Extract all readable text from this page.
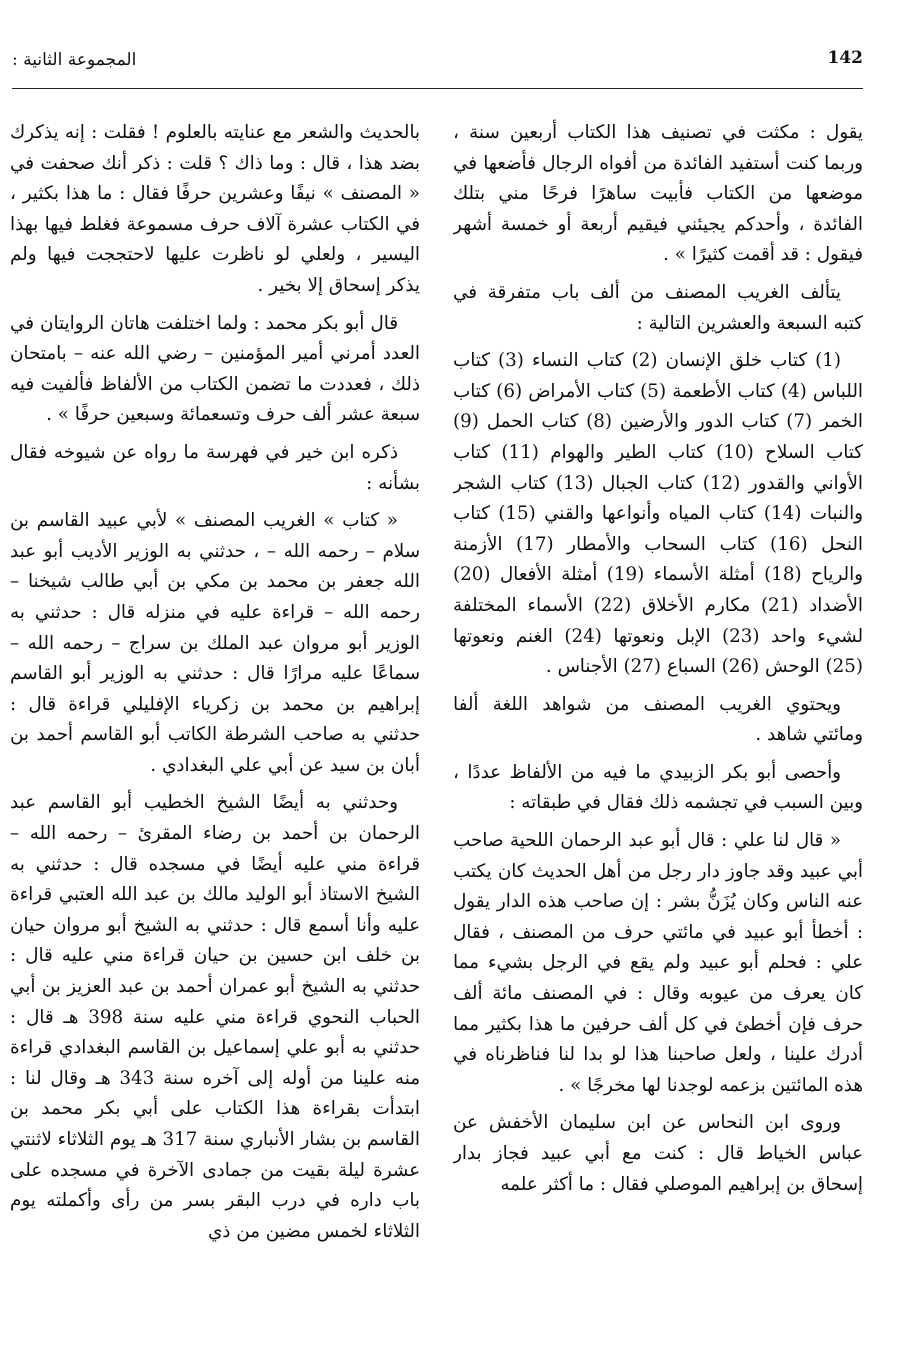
142
المجموعة الثانية :

يقول : مكثت في تصنيف هذا الكتاب أربعين سنة ، وربما كنت أستفيد الفائدة من أفواه الرجال فأضعها في موضعها من الكتاب فأبيت ساهرًا فرحًا مني بتلك الفائدة ، وأحدكم يجيئني فيقيم أربعة أو خمسة أشهر فيقول : قد أقمت كثيرًا » .

يتألف الغريب المصنف من ألف باب متفرقة في كتبه السبعة والعشرين التالية :

(1) كتاب خلق الإنسان (2) كتاب النساء (3) كتاب اللباس (4) كتاب الأطعمة (5) كتاب الأمراض (6) كتاب الخمر (7) كتاب الدور والأرضين (8) كتاب الحمل (9) كتاب السلاح (10) كتاب الطير والهوام (11) كتاب الأواني والقدور (12) كتاب الجبال (13) كتاب الشجر والنبات (14) كتاب المياه وأنواعها والقني (15) كتاب النحل (16) كتاب السحاب والأمطار (17) الأزمنة والرياح (18) أمثلة الأسماء (19) أمثلة الأفعال (20) الأضداد (21) مكارم الأخلاق (22) الأسماء المختلفة لشيء واحد (23) الإبل ونعوتها (24) الغنم ونعوتها (25) الوحش (26) السباع (27) الأجناس .

ويحتوي الغريب المصنف من شواهد اللغة ألفا ومائتي شاهد .

وأحصى أبو بكر الزبيدي ما فيه من الألفاظ عددًا ، وبين السبب في تجشمه ذلك فقال في طبقاته :

« قال لنا علي : قال أبو عبد الرحمان اللحية صاحب أبي عبيد وقد جاوز دار رجل من أهل الحديث كان يكتب عنه الناس وكان يُزَنُّ بشر : إن صاحب هذه الدار يقول : أخطأ أبو عبيد في مائتي حرف من المصنف ، فقال علي : فحلم أبو عبيد ولم يقع في الرجل بشيء مما كان يعرف من عيوبه وقال : في المصنف مائة ألف حرف فإن أخطئ في كل ألف حرفين ما هذا بكثير مما أدرك علينا ، ولعل صاحبنا هذا لو بدا لنا فناظرناه في هذه المائتين بزعمه لوجدنا لها مخرجًا » .

وروى ابن النحاس عن ابن سليمان الأخفش عن عباس الخياط قال : كنت مع أبي عبيد فجاز بدار إسحاق بن إبراهيم الموصلي فقال : ما أكثر علمه

بالحديث والشعر مع عنايته بالعلوم ! فقلت : إنه يذكرك بضد هذا ، قال : وما ذاك ؟ قلت : ذكر أنك صحفت في « المصنف » نيفًا وعشرين حرفًا فقال : ما هذا بكثير ، في الكتاب عشرة آلاف حرف مسموعة فغلط فيها بهذا اليسير ، ولعلي لو ناظرت عليها لاحتججت فيها ولم يذكر إسحاق إلا بخير .

قال أبو بكر محمد : ولما اختلفت هاتان الروايتان في العدد أمرني أمير المؤمنين – رضي الله عنه – بامتحان ذلك ، فعددت ما تضمن الكتاب من الألفاظ فألفيت فيه سبعة عشر ألف حرف وتسعمائة وسبعين حرفًا » .

ذكره ابن خير في فهرسة ما رواه عن شيوخه فقال بشأنه :

« كتاب » الغريب المصنف » لأبي عبيد القاسم بن سلام – رحمه الله – ، حدثني به الوزير الأديب أبو عبد الله جعفر بن محمد بن مكي بن أبي طالب شيخنا – رحمه الله – قراءة عليه في منزله قال : حدثني به الوزير أبو مروان عبد الملك بن سراج – رحمه الله – سماعًا عليه مرارًا قال : حدثني به الوزير أبو القاسم إبراهيم بن محمد بن زكرياء الإفليلي قراءة قال : حدثني به صاحب الشرطة الكاتب أبو القاسم أحمد بن أبان بن سيد عن أبي علي البغدادي .

وحدثني به أيضًا الشيخ الخطيب أبو القاسم عبد الرحمان بن أحمد بن رضاء المقرئ – رحمه الله – قراءة مني عليه أيضًا في مسجده قال : حدثني به الشيخ الاستاذ أبو الوليد مالك بن عبد الله العتبي قراءة عليه وأنا أسمع قال : حدثني به الشيخ أبو مروان حيان بن خلف ابن حسين بن حيان قراءة مني عليه قال : حدثني به الشيخ أبو عمران أحمد بن عبد العزيز بن أبي الحباب النحوي قراءة مني عليه سنة 398 هـ قال : حدثني به أبو علي إسماعيل بن القاسم البغدادي قراءة منه علينا من أوله إلى آخره سنة 343 هـ وقال لنا : ابتدأت بقراءة هذا الكتاب على أبي بكر محمد بن القاسم بن بشار الأنباري سنة 317 هـ يوم الثلاثاء لاثنتي عشرة ليلة بقيت من جمادى الآخرة في مسجده على باب داره في درب البقر بسر من رأى وأكملته يوم الثلاثاء لخمس مضين من ذي
